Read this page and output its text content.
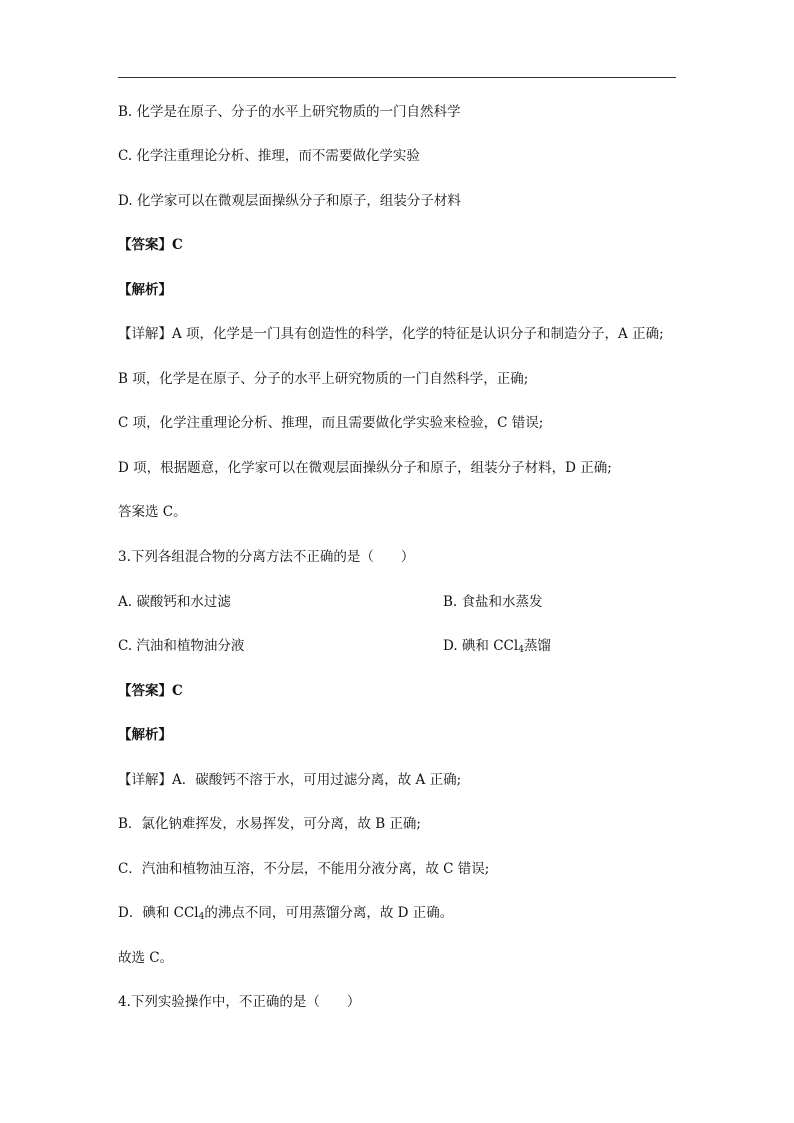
B. 化学是在原子、分子的水平上研究物质的一门自然科学
C. 化学注重理论分析、推理，而不需要做化学实验
D. 化学家可以在微观层面操纵分子和原子，组装分子材料
【答案】C
【解析】
【详解】A 项，化学是一门具有创造性的科学，化学的特征是认识分子和制造分子，A 正确;
B 项，化学是在原子、分子的水平上研究物质的一门自然科学，正确;
C 项，化学注重理论分析、推理，而且需要做化学实验来检验，C 错误;
D 项，根据题意，化学家可以在微观层面操纵分子和原子，组装分子材料，D 正确;
答案选 C。
3.下列各组混合物的分离方法不正确的是（　　）
A. 碳酸钙和水过滤	B. 食盐和水蒸发
C. 汽油和植物油分液	D. 碘和 CCl$_4$蒸馏
【答案】C
【解析】
【详解】A．碳酸钙不溶于水，可用过滤分离，故 A 正确;
B．氯化钠难挥发，水易挥发，可分离，故 B 正确;
C．汽油和植物油互溶，不分层，不能用分液分离，故 C 错误;
D．碘和 CCl$_4$的沸点不同，可用蒸馏分离，故 D 正确。
故选 C。
4.下列实验操作中，不正确的是（　　）
